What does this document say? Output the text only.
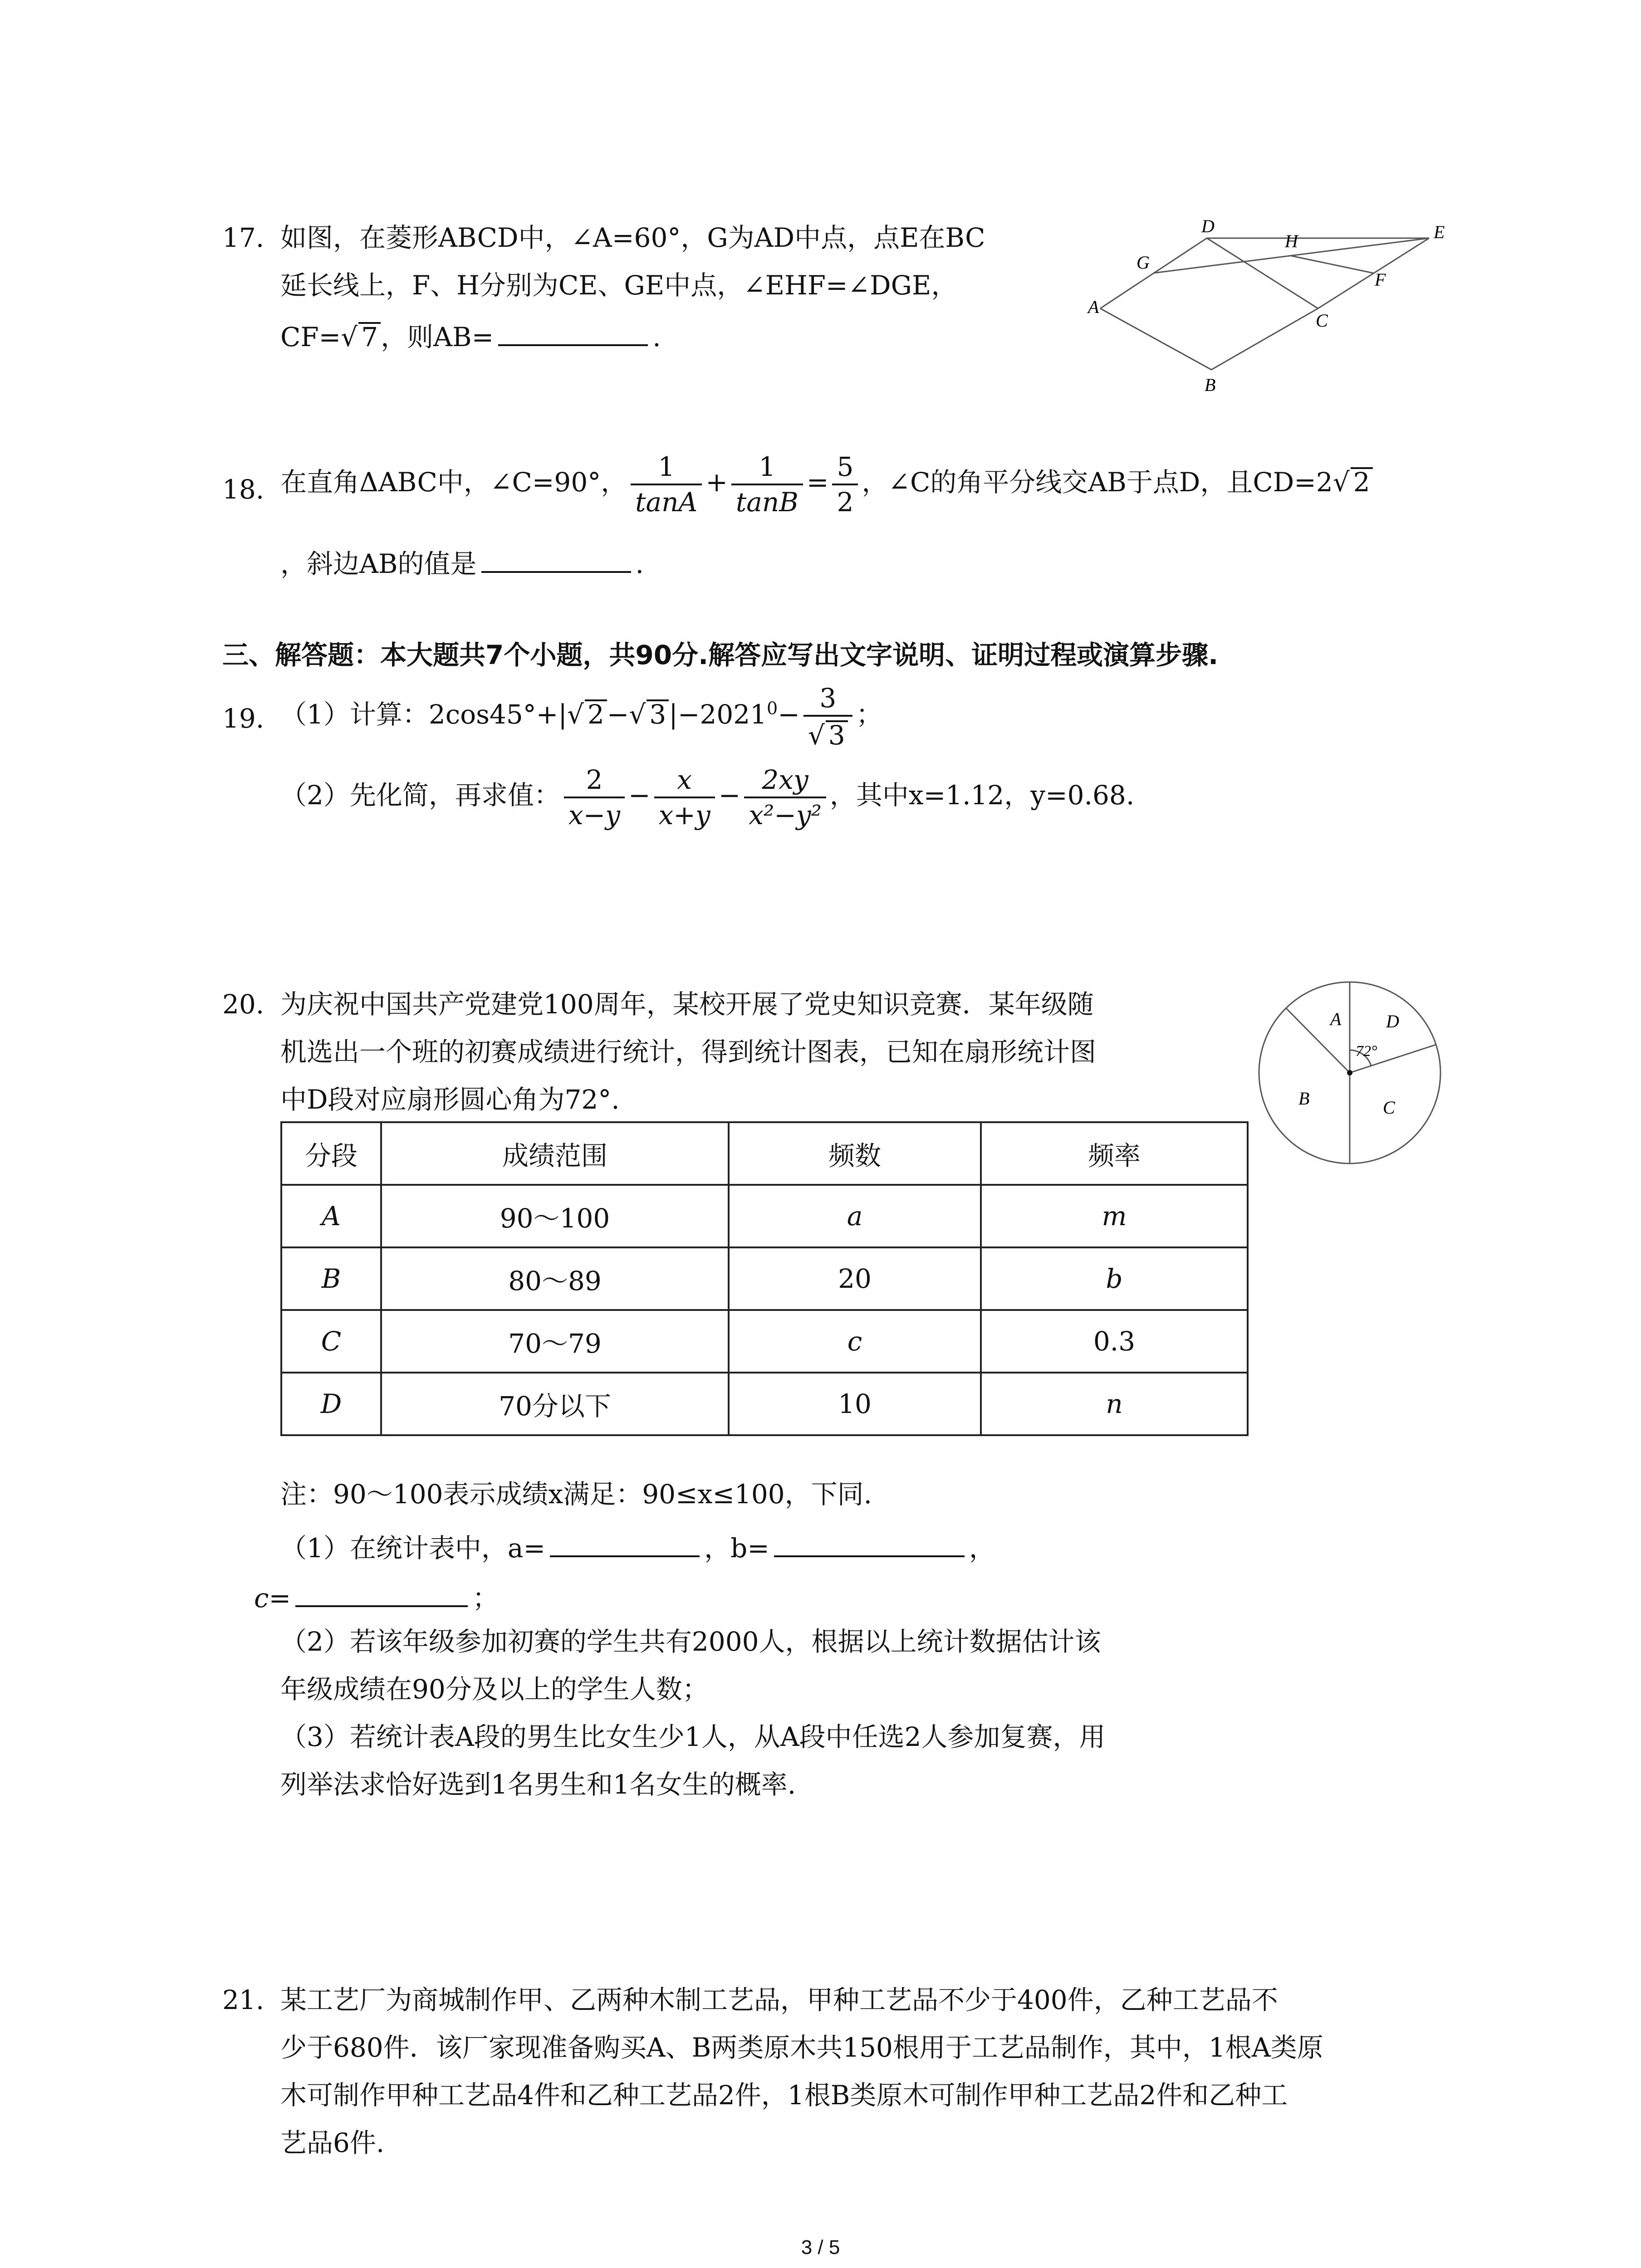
17. 如图，在菱形ABCD中，∠A=60°，G为AD中点，点E在BC
延长线上，F、H分别为CE、GE中点，∠EHF=∠DGE，
CF=√ 7 ，则AB=	.
A
B
C
D	E
F
G
H
18. 在直角ΔABC中，∠C=90°， $\frac{1}{\tan A} + \frac{1}{\tan B} = \frac{5}{2}$ ，∠C的角平分线交AB于点D，且CD=2√ 2
，斜边AB的值是	.
三、解答题：本大题共7个小题，共90分.解答应写出文字说明、证明过程或演算步骤.
19. （1）计算：2cos45°+|√ 2 −√ 3 $|-2021^0- \frac{3}{√ 3}$ ；
（2）先化简，再求值： $\frac{2}{x-y} - \frac{x}{x+y} - \frac{2xy}{\text{x²−y²}}$ ，其中x=1.12，y=0.68.
20. 为庆祝中国共产党建党100周年，某校开展了党史知识竞赛．某年级随
机选出一个班的初赛成绩进行统计，得到统计图表，已知在扇形统计图
中D段对应扇形圆心角为72°.
A D
B	C
72°
分段	成绩范围	频数	频率
A	90～100	a	m
B	80～89	20	b
C	70～79	c	0.3
D	70分以下	10	n
注：90～100表示成绩x满足：90≤x≤100，下同.
（1）在统计表中，a=	，b=	，
c=	；
（2）若该年级参加初赛的学生共有2000人，根据以上统计数据估计该
年级成绩在90分及以上的学生人数；
（3）若统计表A段的男生比女生少1人，从A段中任选2人参加复赛，用
列举法求恰好选到1名男生和1名女生的概率.
21. 某工艺厂为商城制作甲、乙两种木制工艺品，甲种工艺品不少于400件，乙种工艺品不
少于680件．该厂家现准备购买A、B两类原木共150根用于工艺品制作，其中，1根A类原
木可制作甲种工艺品4件和乙种工艺品2件，1根B类原木可制作甲种工艺品2件和乙种工
艺品6件.
3 / 5
